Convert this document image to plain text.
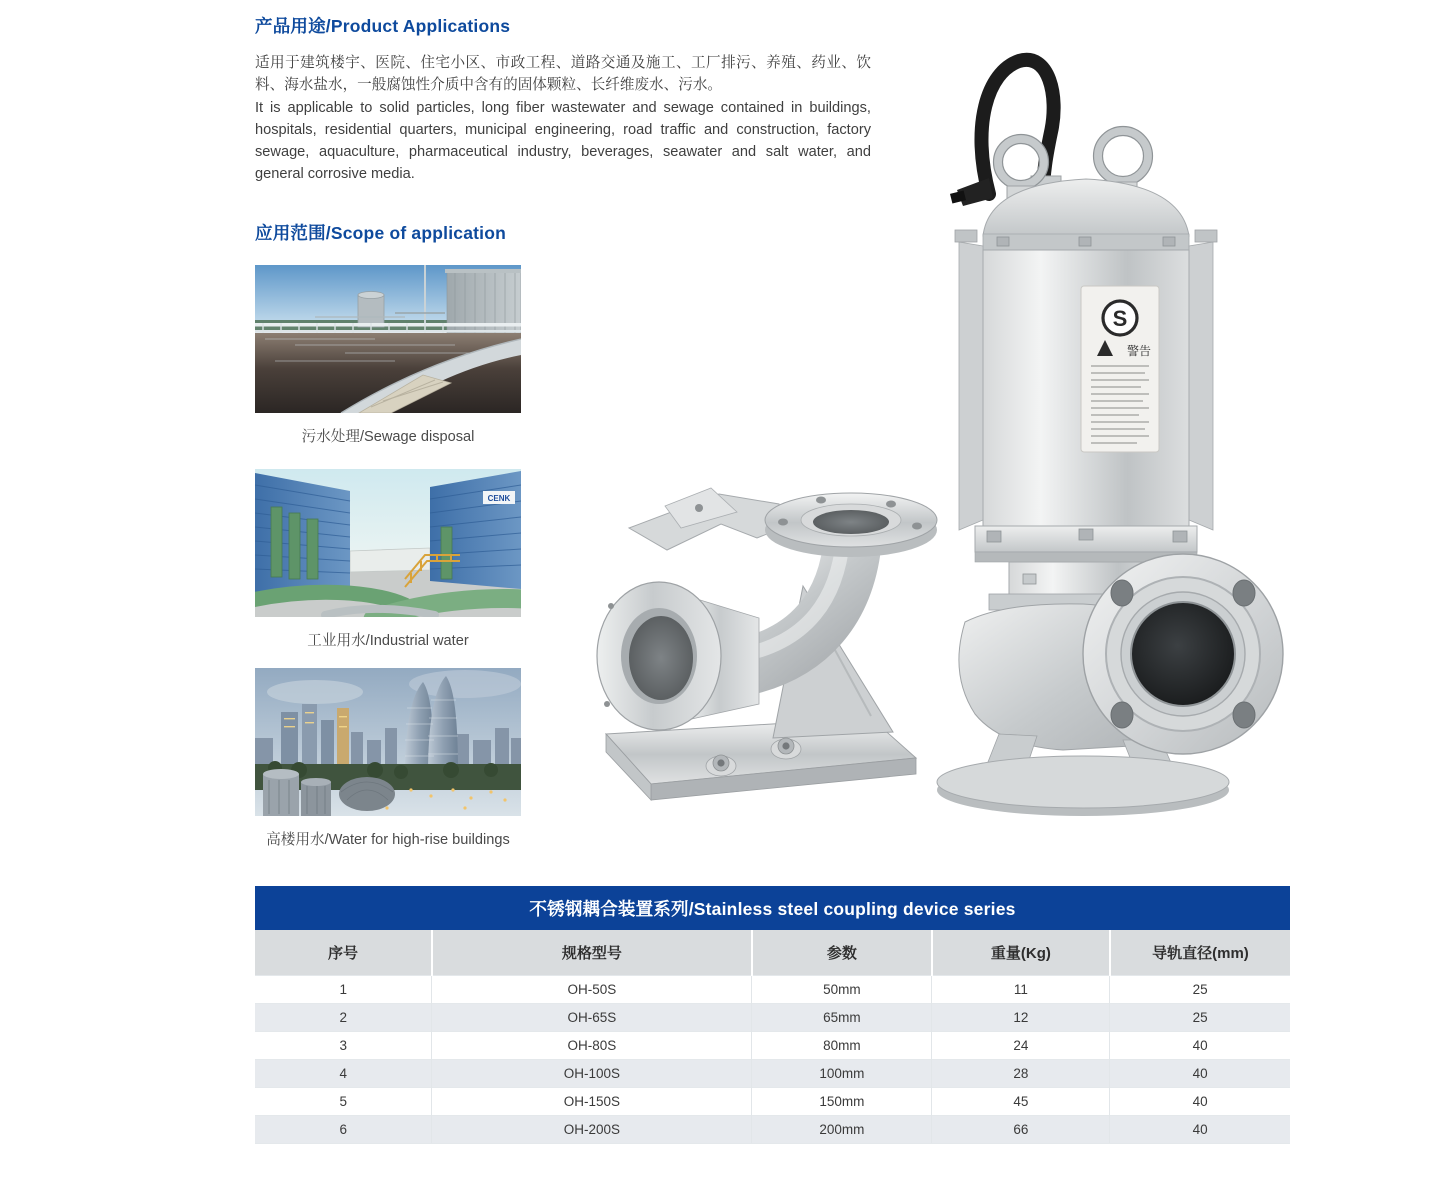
产品用途/Product Applications

适用于建筑楼宇、医院、住宅小区、市政工程、道路交通及施工、工厂排污、养殖、药业、饮料、海水盐水，一般腐蚀性介质中含有的固体颗粒、长纤维废水、污水。

It is applicable to solid particles, long fiber wastewater and sewage contained in buildings, hospitals, residential quarters, municipal engineering, road traffic and construction, factory sewage, aquaculture, pharmaceutical industry, beverages, seawater and salt water, and general corrosive media.

应用范围/Scope of application
污水处理/Sewage disposal
CENK
工业用水/Industrial water
高楼用水/Water for high-rise buildings
S
警告
不锈钢耦合装置系列/Stainless steel coupling device series
序号	规格型号	参数	重量(Kg)	导轨直径(mm)
1	OH-50S	50mm	11	25
2	OH-65S	65mm	12	25
3	OH-80S	80mm	24	40
4	OH-100S	100mm	28	40
5	OH-150S	150mm	45	40
6	OH-200S	200mm	66	40
